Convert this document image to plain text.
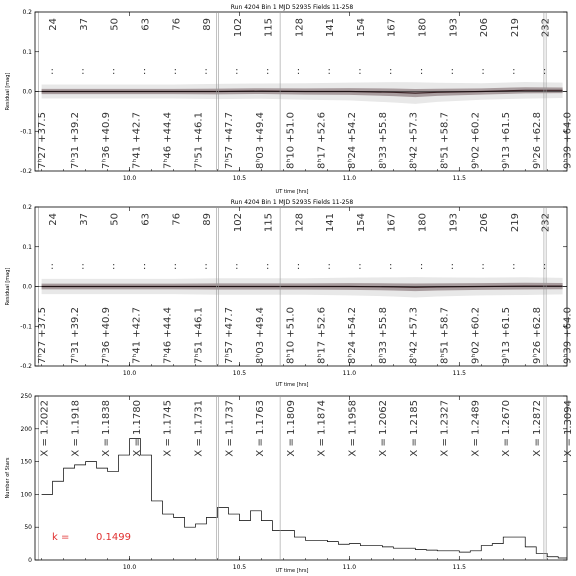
Run 4204 Bin 1 MJD 52935 Fields 11-258
24
:
37
:
50
:
63
:
76
:
89
:
102
:
115
:
128
:
141
:
154
:
167
:
180
:
193
:
206
:
219
:
232
:
7ʰ27 +37.5 7ʰ31 +39.2 7ʰ36 +40.9 7ʰ41 +42.7 7ʰ46 +44.4 7ʰ51 +46.1 7ʰ57 +47.7 8ʰ03 +49.4 8ʰ10 +51.0 8ʰ17 +52.6 8ʰ24 +54.2 8ʰ33 +55.8 8ʰ42 +57.3 8ʰ51 +58.7 9ʰ02 +60.2 9ʰ13 +61.5 9ʰ26 +62.8 9ʰ39 +64.0
10.0	10.5	11.0	11.5
-0.2
-0.1
0.0
0.1
0.2
UT time [hrs]
Residual [mag]
Run 4204 Bin 1 MJD 52935 Fields 11-258
24
:
37
:
50
:
63
:
76
:
89
:
102
:
115
:
128
:
141
:
154
:
167
:
180
:
193
:
206
:
219
:
232
:
7ʰ27 +37.5 7ʰ31 +39.2 7ʰ36 +40.9 7ʰ41 +42.7 7ʰ46 +44.4 7ʰ51 +46.1 7ʰ57 +47.7 8ʰ03 +49.4 8ʰ10 +51.0 8ʰ17 +52.6 8ʰ24 +54.2 8ʰ33 +55.8 8ʰ42 +57.3 8ʰ51 +58.7 9ʰ02 +60.2 9ʰ13 +61.5 9ʰ26 +62.8 9ʰ39 +64.0
10.0	10.5	11.0	11.5
-0.2
-0.1
0.0
0.1
0.2
UT time [hrs]
Residual [mag]
X = 1.2022 X = 1.1918 X = 1.1838 X = 1.1780 X = 1.1745 X = 1.1731 X = 1.1737 X = 1.1763 X = 1.1809 X = 1.1874 X = 1.1958 X = 1.2062 X = 1.2185 X = 1.2327 X = 1.2489 X = 1.2670 X = 1.2872 X = 1.3094
10.0	10.5	11.0	11.5
0
50
100
150
200
250
k =	0.1499
UT time [hrs]
Number of Stars
